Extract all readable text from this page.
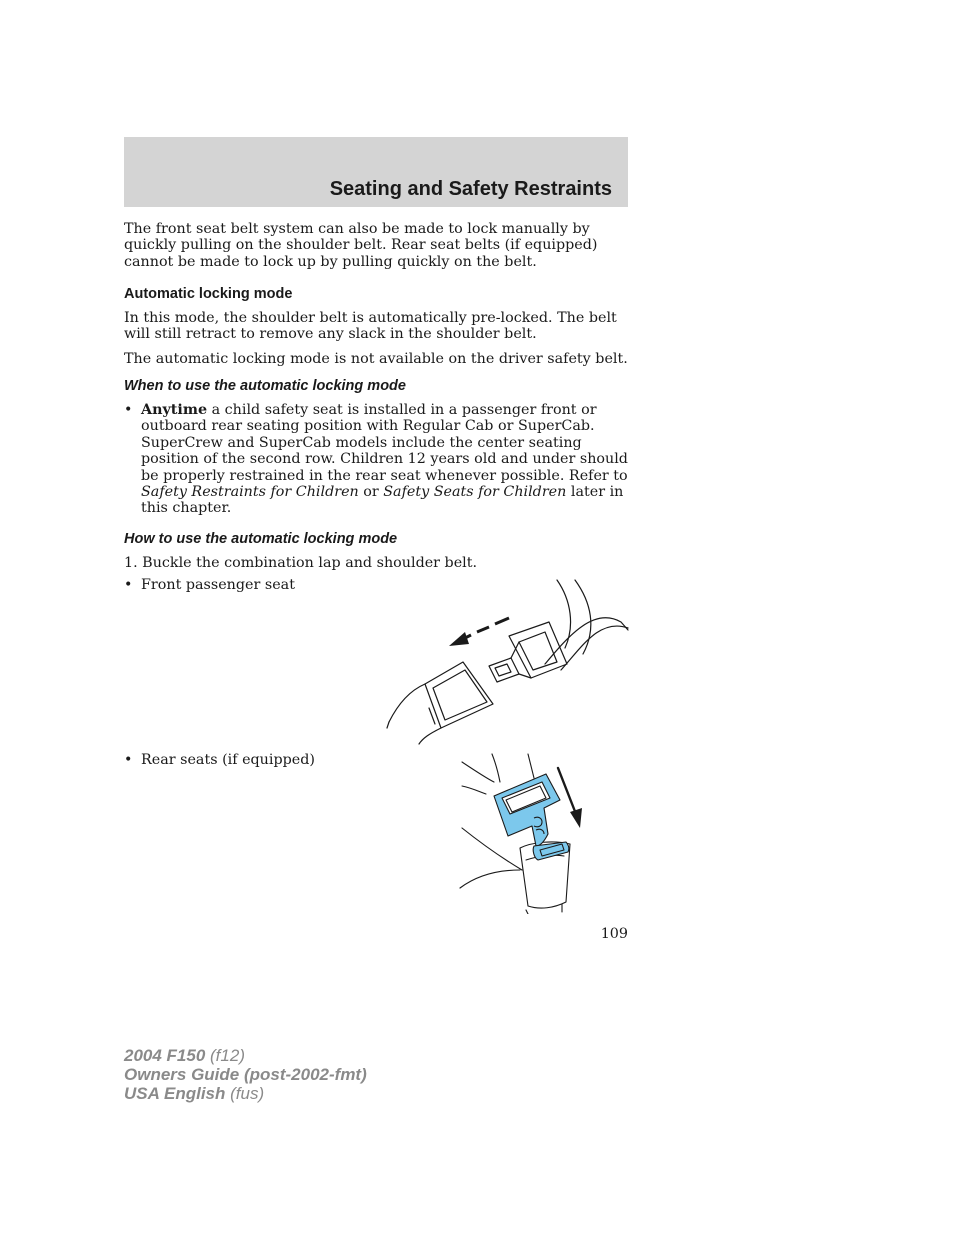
Seating and Safety Restraints

The front seat belt system can also be made to lock manually by quickly pulling on the shoulder belt. Rear seat belts (if equipped) cannot be made to lock up by pulling quickly on the belt.

Automatic locking mode

In this mode, the shoulder belt is automatically pre-locked. The belt will still retract to remove any slack in the shoulder belt.

The automatic locking mode is not available on the driver safety belt.

When to use the automatic locking mode
• Anytime a child safety seat is installed in a passenger front or outboard rear seating position with Regular Cab or SuperCab. SuperCrew and SuperCab models include the center seating position of the second row. Children 12 years old and under should be properly restrained in the rear seat whenever possible. Refer to Safety Restraints for Children or Safety Seats for Children later in this chapter.
How to use the automatic locking mode

1. Buckle the combination lap and shoulder belt.

• Front passenger seat
• Rear seats (if equipped)
109
2004 F150 (f12)
Owners Guide (post-2002-fmt)
USA English (fus)
